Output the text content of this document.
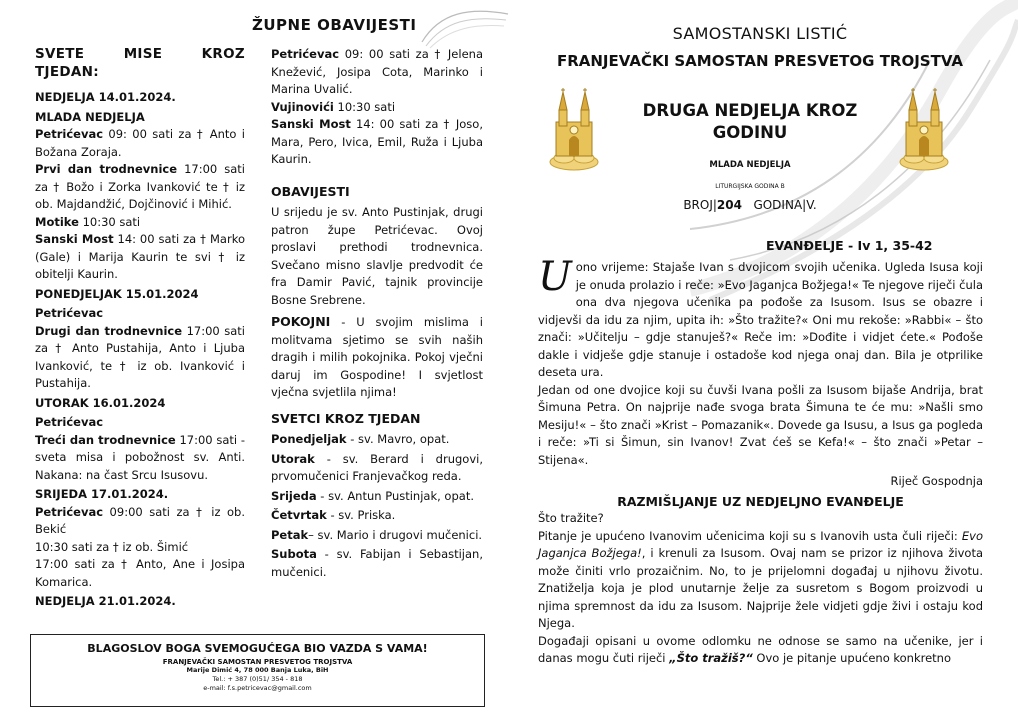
ŽUPNE OBAVIJESTI
SVETE MISE KROZ TJEDAN:

NEDJELJA 14.01.2024.

MLADA NEDJELJA

Petrićevac 09: 00 sati za † Anto i Božana Zoraja.

Prvi dan trodnevnice 17:00 sati za † Božo i Zorka Ivanković te † iz ob. Majdandžić, Dojčinović i Mihić.

Motike 10:30 sati

Sanski Most 14: 00 sati za † Marko (Gale) i Marija Kaurin te svi † iz obitelji Kaurin.

PONEDJELJAK 15.01.2024

Petrićevac

Drugi dan trodnevnice 17:00 sati za † Anto Pustahija, Anto i Ljuba Ivanković, te † iz ob. Ivanković i Pustahija.

UTORAK 16.01.2024

Petrićevac

Treći dan trodnevnice 17:00 sati - sveta misa i pobožnost sv. Anti. Nakana: na čast Srcu Isusovu.

SRIJEDA 17.01.2024.

Petrićevac 09:00 sati za † iz ob. Bekić

10:30 sati za † iz ob. Šimić

17:00 sati za † Anto, Ane i Josipa Komarica.

NEDJELJA 21.01.2024.

Petrićevac 09: 00 sati za † Jelena Knežević, Josipa Cota, Marinko i Marina Uvalić.

Vujinovići 10:30 sati

Sanski Most 14: 00 sati za † Joso, Mara, Pero, Ivica, Emil, Ruža i Ljuba Kaurin.

OBAVIJESTI

U srijedu je sv. Anto Pustinjak, drugi patron župe Petrićevac. Ovoj proslavi prethodi trodnevnica. Svečano misno slavlje predvodit će fra Damir Pavić, tajnik provincije Bosne Srebrene.

POKOJNI - U svojim mislima i molitvama sjetimo se svih naših dragih i milih pokojnika. Pokoj vječni daruj im Gospodine! I svjetlost vječna svjetlila njima!

SVETCI KROZ TJEDAN

Ponedjeljak - sv. Mavro, opat.

Utorak - sv. Berard i drugovi, prvomučenici Franjevačkog reda.

Srijeda - sv. Antun Pustinjak, opat.

Četvrtak - sv. Priska.

Petak– sv. Mario i drugovi mučenici.

Subota - sv. Fabijan i Sebastijan, mučenici.

BLAGOSLOV BOGA SVEMOGUĆEGA BIO VAZDA S VAMA!
FRANJEVAČKI SAMOSTAN PRESVETOG TROJSTVA
Marije Dimić 4, 78 000 Banja Luka, BiH
Tel.: + 387 (0)51/ 354 - 818
e-mail: f.s.petricevac@gmail.com
SAMOSTANSKI LISTIĆ
FRANJEVAČKI SAMOSTAN PRESVETOG TROJSTVA
DRUGA NEDJELJA KROZ
GODINU
MLADA NEDJELJA
LITURGIJSKA GODINA B
BROJ|204 GODINA|V.
EVANĐELJE - Iv 1, 35-42

Uono vrijeme: Stajaše Ivan s dvojicom svojih učenika. Ugleda Isusa koji je onuda prolazio i reče: »Evo Jaganjca Božjega!« Te njegove riječi čula ona dva njegova učenika pa pođoše za Isusom. Isus se obazre i vidjevši da idu za njim, upita ih: »Što tražite?« Oni mu rekoše: »Rabbi« – što znači: »Učitelju – gdje stanuješ?« Reče im: »Dođite i vidjet ćete.« Pođoše dakle i vidješe gdje stanuje i ostadoše kod njega onaj dan. Bila je otprilike deseta ura.

Jedan od one dvojice koji su čuvši Ivana pošli za Isusom bijaše Andrija, brat Šimuna Petra. On najprije nađe svoga brata Šimuna te će mu: »Našli smo Mesiju!« – što znači »Krist – Pomazanik«. Dovede ga Isusu, a Isus ga pogleda i reče: »Ti si Šimun, sin Ivanov! Zvat ćeš se Kefa!« – što znači »Petar – Stijena«.

Riječ Gospodnja

RAZMIŠLJANJE UZ NEDJELJNO EVANĐELJE

Što tražite?

Pitanje je upućeno Ivanovim učenicima koji su s Ivanovih usta čuli riječi: Evo Jaganjca Božjega!, i krenuli za Isusom. Ovaj nam se prizor iz njihova života može činiti vrlo prozaičnim. No, to je prijelomni događaj u njihovu životu. Znatiželja koja je plod unutarnje želje za susretom s Bogom proizvodi u njima spremnost da idu za Isusom. Najprije žele vidjeti gdje živi i ostaju kod Njega.

Događaji opisani u ovome odlomku ne odnose se samo na učenike, jer i danas mogu čuti riječi „Što tražiš?“ Ovo je pitanje upućeno konkretno
